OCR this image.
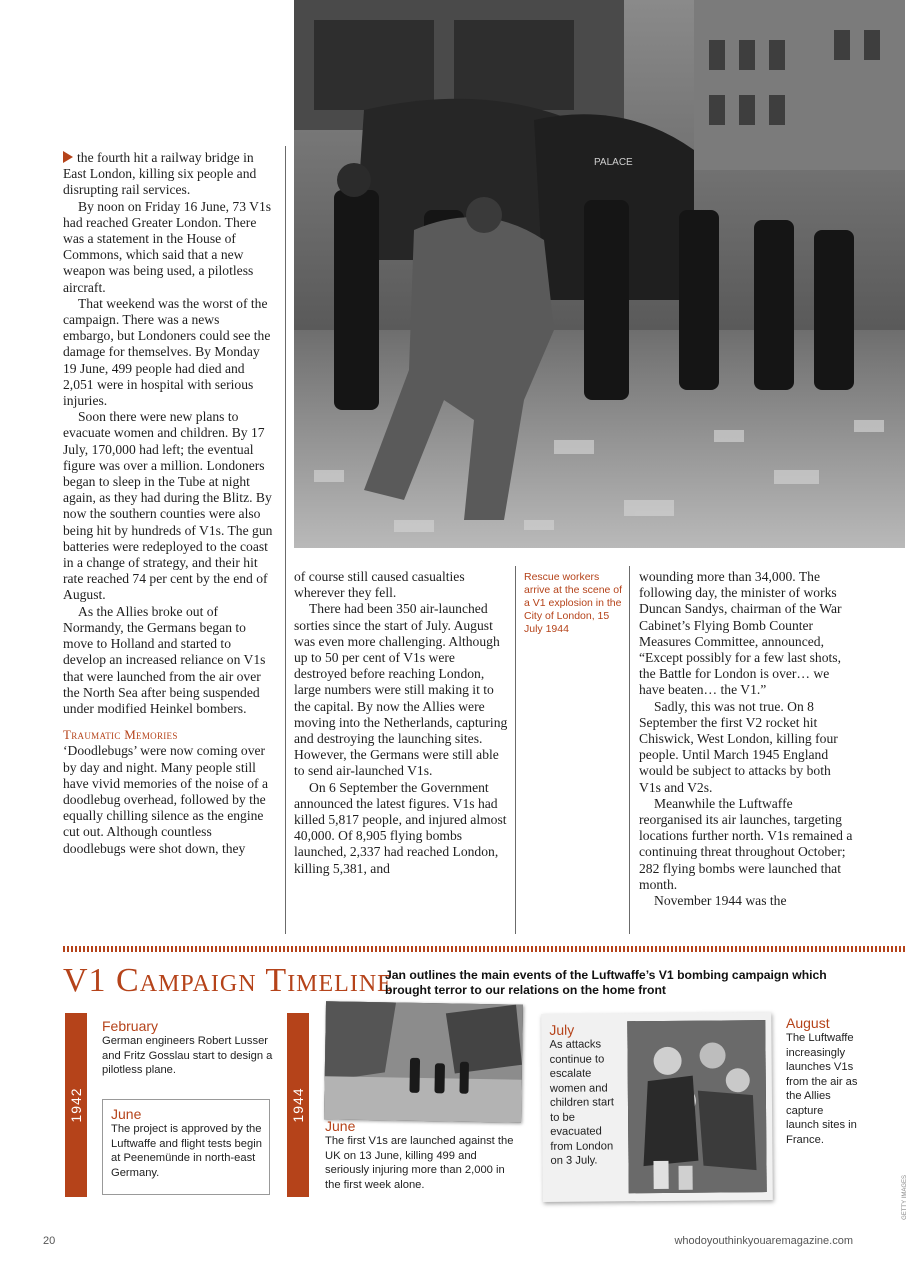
PALACE

the fourth hit a railway bridge in East London, killing six people and disrupting rail services.

By noon on Friday 16 June, 73 V1s had reached Greater London. There was a statement in the House of Commons, which said that a new weapon was being used, a pilotless aircraft.

That weekend was the worst of the campaign. There was a news embargo, but Londoners could see the damage for themselves. By Monday 19 June, 499 people had died and 2,051 were in hospital with serious injuries.

Soon there were new plans to evacuate women and children. By 17 July, 170,000 had left; the eventual figure was over a million. Londoners began to sleep in the Tube at night again, as they had during the Blitz. By now the southern counties were also being hit by hundreds of V1s. The gun batteries were redeployed to the coast in a change of strategy, and their hit rate reached 74 per cent by the end of August.

As the Allies broke out of Normandy, the Germans began to move to Holland and started to develop an increased reliance on V1s that were launched from the air over the North Sea after being suspended under modified Heinkel bombers.

Traumatic Memories

‘Doodlebugs’ were now coming over by day and night. Many people still have vivid memories of the noise of a doodlebug overhead, followed by the equally chilling silence as the engine cut out. Although countless doodlebugs were shot down, they

of course still caused casualties wherever they fell.

There had been 350 air-launched sorties since the start of July. August was even more challenging. Although up to 50 per cent of V1s were destroyed before reaching London, large numbers were still making it to the capital. By now the Allies were moving into the Netherlands, capturing and destroying the launching sites. However, the Germans were still able to send air-launched V1s.

On 6 September the Government announced the latest figures. V1s had killed 5,817 people, and injured almost 40,000. Of 8,905 flying bombs launched, 2,337 had reached London, killing 5,381, and

Rescue workers arrive at the scene of a V1 explosion in the City of London, 15 July 1944

wounding more than 34,000. The following day, the minister of works Duncan Sandys, chairman of the War Cabinet’s Flying Bomb Counter Measures Committee, announced, “Except possibly for a few last shots, the Battle for London is over… we have beaten… the V1.”

Sadly, this was not true. On 8 September the first V2 rocket hit Chiswick, West London, killing four people. Until March 1945 England would be subject to attacks by both V1s and V2s.

Meanwhile the Luftwaffe reorganised its air launches, targeting locations further north. V1s remained a continuing threat throughout October; 282 flying bombs were launched that month.

November 1944 was the

V1 Campaign Timeline
Jan outlines the main events of the Luftwaffe’s V1 bombing campaign which brought terror to our relations on the home front
1942
February
German engineers Robert Lusser and Fritz Gosslau start to design a pilotless plane.
June
The project is approved by the Luftwaffe and flight tests begin at Peenemünde in north-east Germany.
1944
June
The first V1s are launched against the UK on 13 June, killing 499 and seriously injuring more than 2,000 in the first week alone.
July
As attacks continue to escalate women and children start to be evacuated from London on 3 July.
August
The Luftwaffe increasingly launches V1s from the air as the Allies capture launch sites in France.
GETTY IMAGES
20	whodoyouthinkyouaremagazine.com
